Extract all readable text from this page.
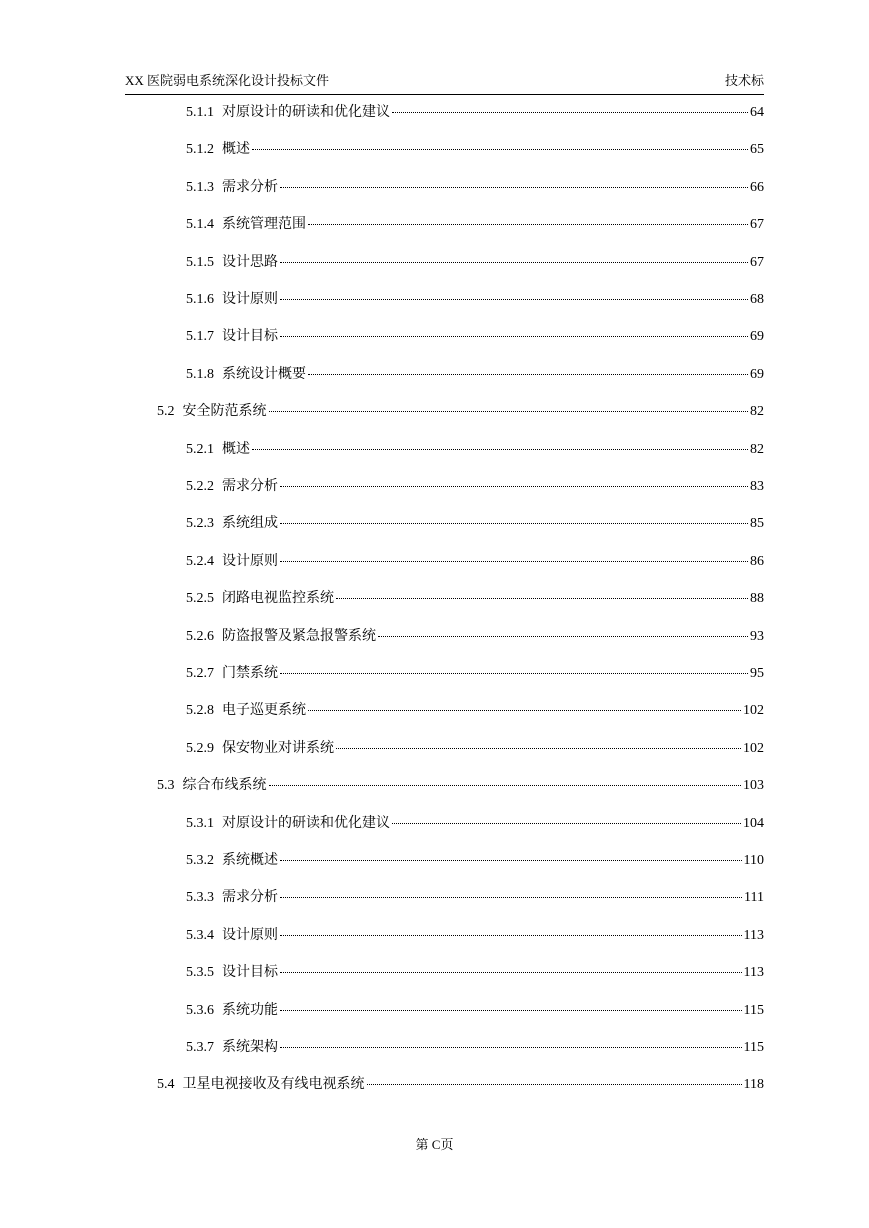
XX 医院弱电系统深化设计投标文件	技术标
5.1.1 对原设计的研读和优化建议	64
5.1.2 概述	65
5.1.3 需求分析	66
5.1.4 系统管理范围	67
5.1.5 设计思路	67
5.1.6 设计原则	68
5.1.7 设计目标	69
5.1.8 系统设计概要	69
5.2 安全防范系统	82
5.2.1 概述	82
5.2.2 需求分析	83
5.2.3 系统组成	85
5.2.4 设计原则	86
5.2.5 闭路电视监控系统	88
5.2.6 防盗报警及紧急报警系统	93
5.2.7 门禁系统	95
5.2.8 电子巡更系统	102
5.2.9 保安物业对讲系统	102
5.3 综合布线系统	103
5.3.1 对原设计的研读和优化建议	104
5.3.2 系统概述	110
5.3.3 需求分析	111
5.3.4 设计原则	113
5.3.5 设计目标	113
5.3.6 系统功能	115
5.3.7 系统架构	115
5.4 卫星电视接收及有线电视系统	118
第 C页
